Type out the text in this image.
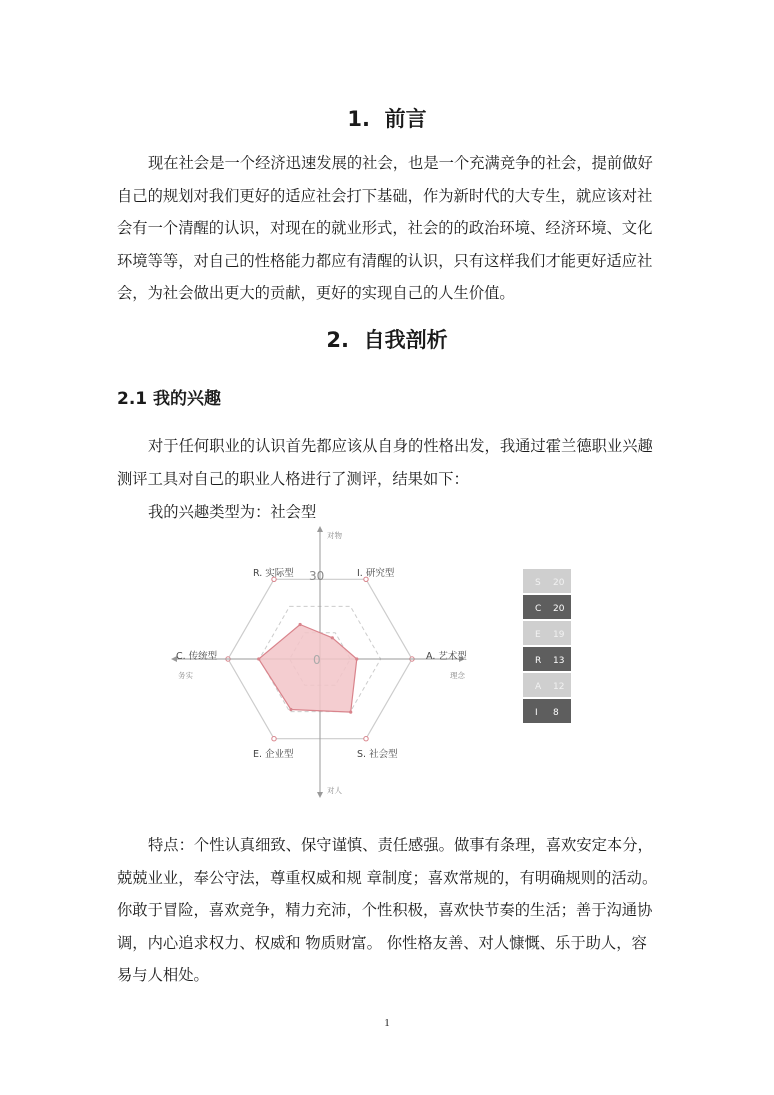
1. 前言

现在社会是一个经济迅速发展的社会，也是一个充满竞争的社会，提前做好自己的规划对我们更好的适应社会打下基础，作为新时代的大专生，就应该对社会有一个清醒的认识，对现在的就业形式，社会的的政治环境、经济环境、文化环境等等，对自己的性格能力都应有清醒的认识，只有这样我们才能更好适应社会，为社会做出更大的贡献，更好的实现自己的人生价值。

2. 自我剖析
2.1 我的兴趣

对于任何职业的认识首先都应该从自身的性格出发，我通过霍兰德职业兴趣测评工具对自己的职业人格进行了测评，结果如下：

我的兴趣类型为：社会型
对物
对人
务实	理念
30
0
R. 实际型	I. 研究型
A. 艺术型
S. 社会型
E. 企业型
C. 传统型
S 20
C 20
E 19
R 13
A 12
I 8

特点：个性认真细致、保守谨慎、责任感强。做事有条理，喜欢安定本分，兢兢业业，奉公守法，尊重权威和规 章制度；喜欢常规的，有明确规则的活动。你敢于冒险，喜欢竞争，精力充沛，个性积极，喜欢快节奏的生活；善于沟通协调，内心追求权力、权威和 物质财富。 你性格友善、对人慷慨、乐于助人，容易与人相处。

1
